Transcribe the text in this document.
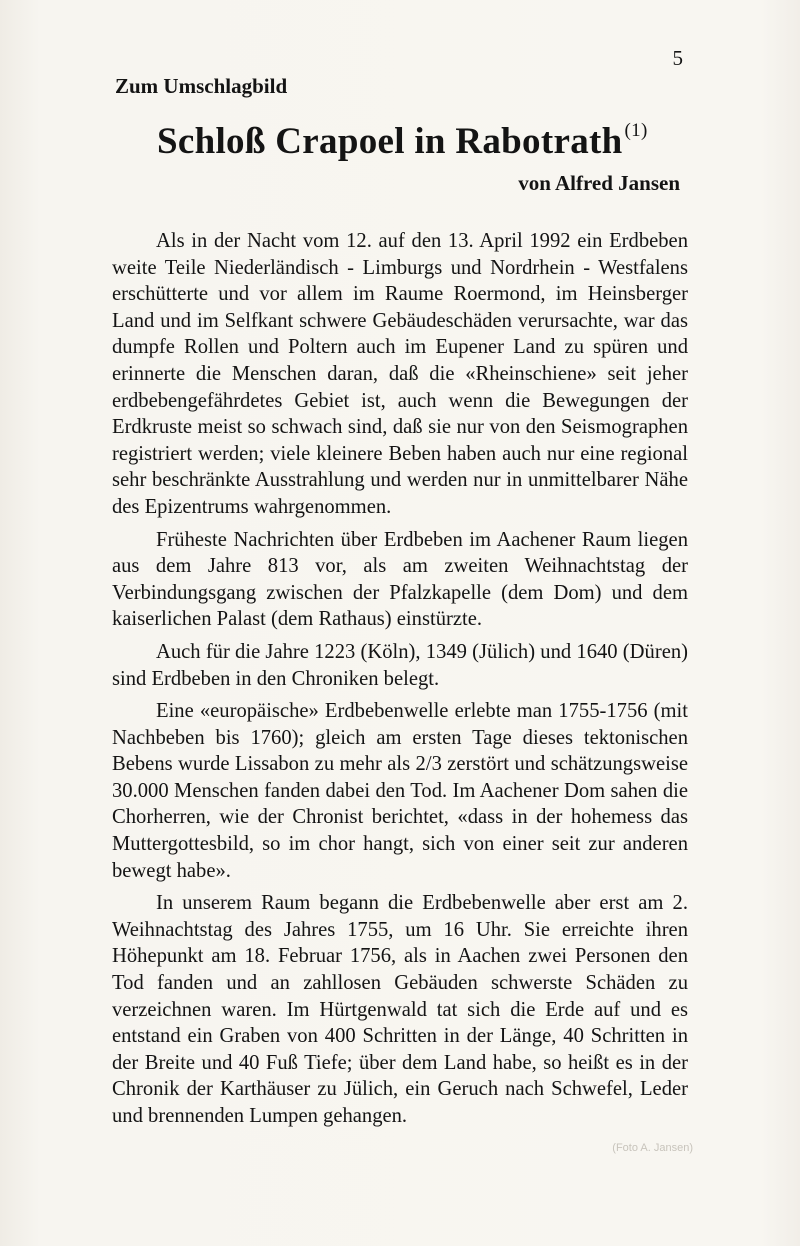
5
Zum Umschlagbild
Schloß Crapoel in Rabotrath $^{(1)}$
von Alfred Jansen

Als in der Nacht vom 12. auf den 13. April 1992 ein Erdbeben weite Teile Niederländisch - Limburgs und Nordrhein - Westfalens erschütterte und vor allem im Raume Roermond, im Heinsberger Land und im Selfkant schwere Gebäudeschäden verursachte, war das dumpfe Rollen und Poltern auch im Eupener Land zu spüren und erinnerte die Menschen daran, daß die «Rheinschiene» seit jeher erdbebengefährdetes Gebiet ist, auch wenn die Bewegungen der Erdkruste meist so schwach sind, daß sie nur von den Seismographen registriert werden; viele kleinere Beben haben auch nur eine regional sehr beschränkte Ausstrahlung und werden nur in unmittelbarer Nähe des Epizentrums wahrgenommen.

Früheste Nachrichten über Erdbeben im Aachener Raum liegen aus dem Jahre 813 vor, als am zweiten Weihnachtstag der Verbindungsgang zwischen der Pfalzkapelle (dem Dom) und dem kaiserlichen Palast (dem Rathaus) einstürzte.

Auch für die Jahre 1223 (Köln), 1349 (Jülich) und 1640 (Düren) sind Erdbeben in den Chroniken belegt.

Eine «europäische» Erdbebenwelle erlebte man 1755-1756 (mit Nachbeben bis 1760); gleich am ersten Tage dieses tektonischen Bebens wurde Lissabon zu mehr als 2/3 zerstört und schätzungsweise 30.000 Menschen fanden dabei den Tod. Im Aachener Dom sahen die Chorherren, wie der Chronist berichtet, «dass in der hohemess das Muttergottesbild, so im chor hangt, sich von einer seit zur anderen bewegt habe».

In unserem Raum begann die Erdbebenwelle aber erst am 2. Weihnachtstag des Jahres 1755, um 16 Uhr. Sie erreichte ihren Höhepunkt am 18. Februar 1756, als in Aachen zwei Personen den Tod fanden und an zahllosen Gebäuden schwerste Schäden zu verzeichnen waren. Im Hürtgenwald tat sich die Erde auf und es entstand ein Graben von 400 Schritten in der Länge, 40 Schritten in der Breite und 40 Fuß Tiefe; über dem Land habe, so heißt es in der Chronik der Karthäuser zu Jülich, ein Geruch nach Schwefel, Leder und brennenden Lumpen gehangen.

(Foto A. Jansen)
